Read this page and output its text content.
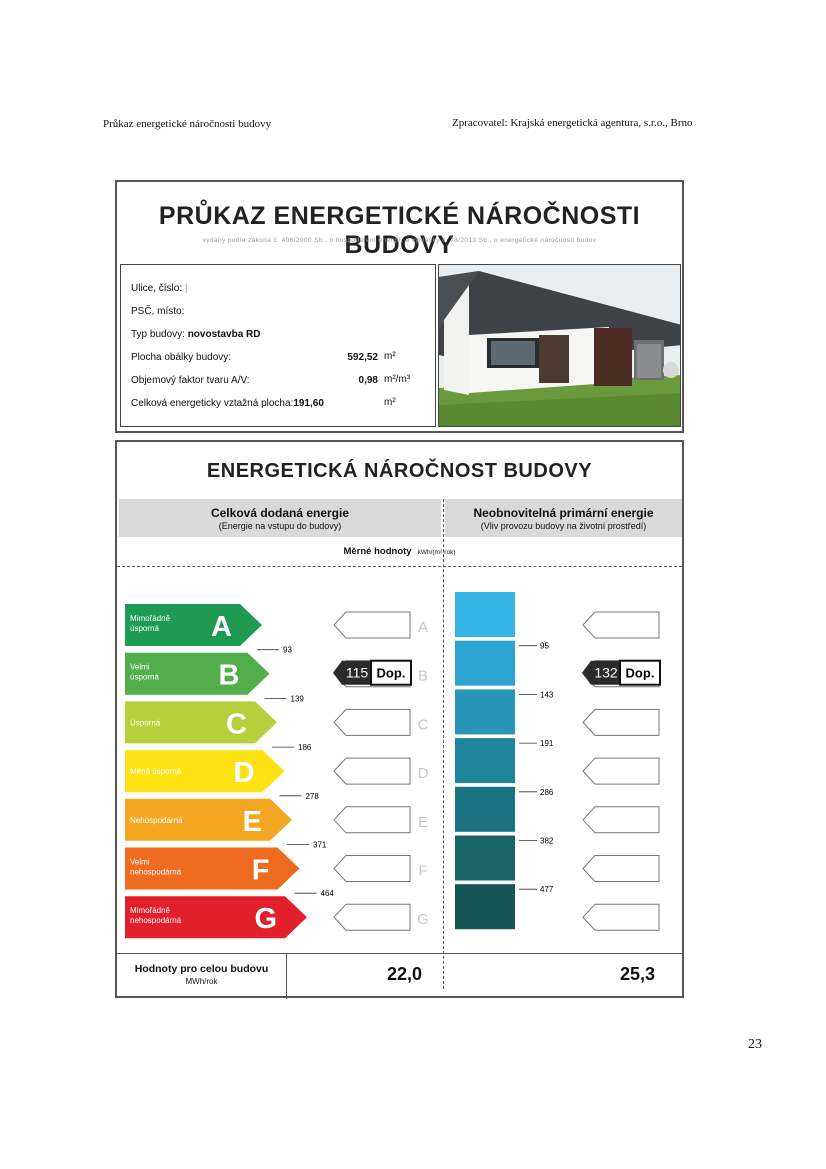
Průkaz energetické náročnosti budovy	Zpracovatel: Krajská energetická agentura, s.r.o., Brno
PRŮKAZ ENERGETICKÉ NÁROČNOSTI BUDOVY
vydaný podle zákona č. 406/2000 Sb., o hospodaření energií, a vyhlášky č. 78/2013 Sb., o energetické náročnosti budov
Ulice, číslo: |
PSČ, místo:
Typ budovy: novostavba RD
Plocha obálky budovy:	592,52 m²
Objemový faktor tvaru A/V:	0,98 m²/m³
Celková energeticky vztažná plocha:191,60	m²
ENERGETICKÁ NÁROČNOST BUDOVY
Celková dodaná energie
(Energie na vstupu do budovy)
Neobnovitelná primární energie
(Vliv provozu budovy na životní prostředí)
Měrné hodnoty kWh/(m²·rok)
Mimořádně
úsporná A	A
Velmi
úsporná B	B
Úsporná C	C
Méně úsporná D	D
Nehospodárná E	E
Velmi
nehospodárná F	F
Mimořádně
nehospodárná	G	G
93
139
186
278
371
464
95
143
191
286
382
477
115 Dop.	132 Dop.
Hodnoty pro celou budovu
MWh/rok	22,0	25,3
23
